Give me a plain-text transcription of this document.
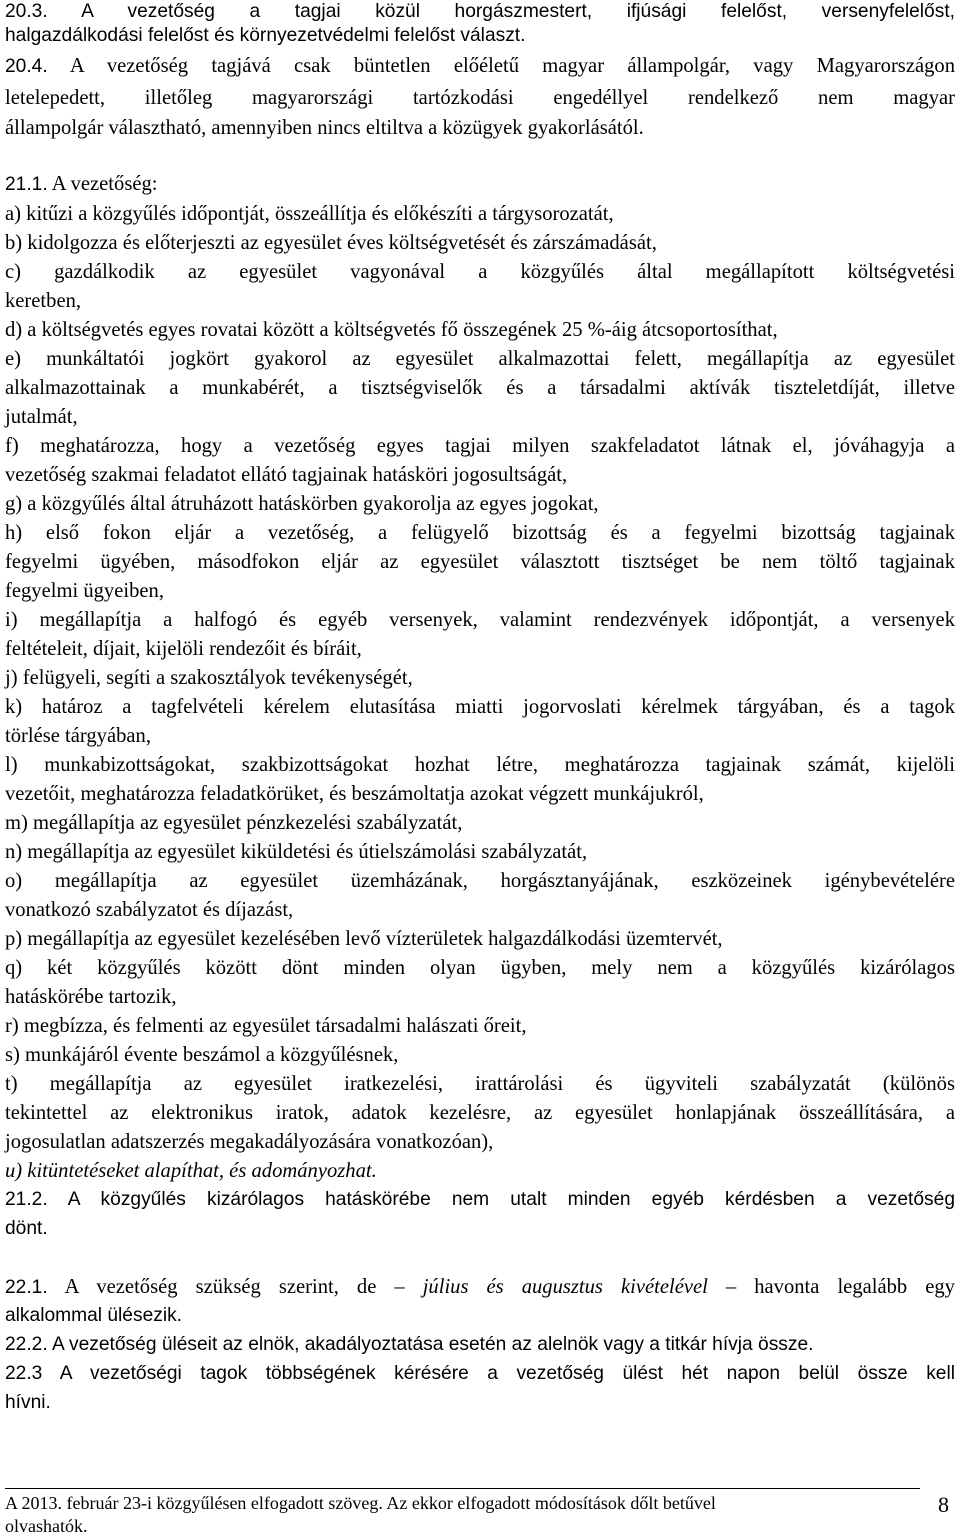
20.3. A vezetőség a tagjai közül horgászmestert, ifjúsági felelőst, versenyfelelőst,
halgazdálkodási felelőst és környezetvédelmi felelőst választ.
20.4. A vezetőség tagjává csak büntetlen előéletű magyar állampolgár, vagy Magyarországon
letelepedett, illetőleg magyarországi tartózkodási engedéllyel rendelkező nem magyar
állampolgár választható, amennyiben nincs eltiltva a közügyek gyakorlásától.
21.1. A vezetőség:
a) kitűzi a közgyűlés időpontját, összeállítja és előkészíti a tárgysorozatát,
b) kidolgozza és előterjeszti az egyesület éves költségvetését és zárszámadását,
c) gazdálkodik az egyesület vagyonával a közgyűlés által megállapított költségvetési
keretben,
d) a költségvetés egyes rovatai között a költségvetés fő összegének 25 %-áig átcsoportosíthat,
e) munkáltatói jogkört gyakorol az egyesület alkalmazottai felett, megállapítja az egyesület
alkalmazottainak a munkabérét, a tisztségviselők és a társadalmi aktívák tiszteletdíját, illetve
jutalmát,
f) meghatározza, hogy a vezetőség egyes tagjai milyen szakfeladatot látnak el, jóváhagyja a
vezetőség szakmai feladatot ellátó tagjainak hatásköri jogosultságát,
g) a közgyűlés által átruházott hatáskörben gyakorolja az egyes jogokat,
h) első fokon eljár a vezetőség, a felügyelő bizottság és a fegyelmi bizottság tagjainak
fegyelmi ügyében, másodfokon eljár az egyesület választott tisztséget be nem töltő tagjainak
fegyelmi ügyeiben,
i) megállapítja a halfogó és egyéb versenyek, valamint rendezvények időpontját, a versenyek
feltételeit, díjait, kijelöli rendezőit és bíráit,
j) felügyeli, segíti a szakosztályok tevékenységét,
k) határoz a tagfelvételi kérelem elutasítása miatti jogorvoslati kérelmek tárgyában, és a tagok
törlése tárgyában,
l) munkabizottságokat, szakbizottságokat hozhat létre, meghatározza tagjainak számát, kijelöli
vezetőit, meghatározza feladatkörüket, és beszámoltatja azokat végzett munkájukról,
m) megállapítja az egyesület pénzkezelési szabályzatát,
n) megállapítja az egyesület kiküldetési és útielszámolási szabályzatát,
o) megállapítja az egyesület üzemházának, horgásztanyájának, eszközeinek igénybevételére
vonatkozó szabályzatot és díjazást,
p) megállapítja az egyesület kezelésében levő vízterületek halgazdálkodási üzemtervét,
q) két közgyűlés között dönt minden olyan ügyben, mely nem a közgyűlés kizárólagos
hatáskörébe tartozik,
r) megbízza, és felmenti az egyesület társadalmi halászati őreit,
s) munkájáról évente beszámol a közgyűlésnek,
t) megállapítja az egyesület iratkezelési, irattárolási és ügyviteli szabályzatát (különös
tekintettel az elektronikus iratok, adatok kezelésre, az egyesület honlapjának összeállítására, a
jogosulatlan adatszerzés megakadályozására vonatkozóan),
u) kitüntetéseket alapíthat, és adományozhat.
21.2. A közgyűlés kizárólagos hatáskörébe nem utalt minden egyéb kérdésben a vezetőség
dönt.
22.1. A vezetőség szükség szerint, de – július és augusztus kivételével – havonta legalább egy
alkalommal ülésezik.
22.2. A vezetőség üléseit az elnök, akadályoztatása esetén az alelnök vagy a titkár hívja össze.
22.3 A vezetőségi tagok többségének kérésére a vezetőség ülést hét napon belül össze kell
hívni.
A 2013. február 23-i közgyűlésen elfogadott szöveg. Az ekkor elfogadott módosítások dőlt betűvel
olvashatók.
8
